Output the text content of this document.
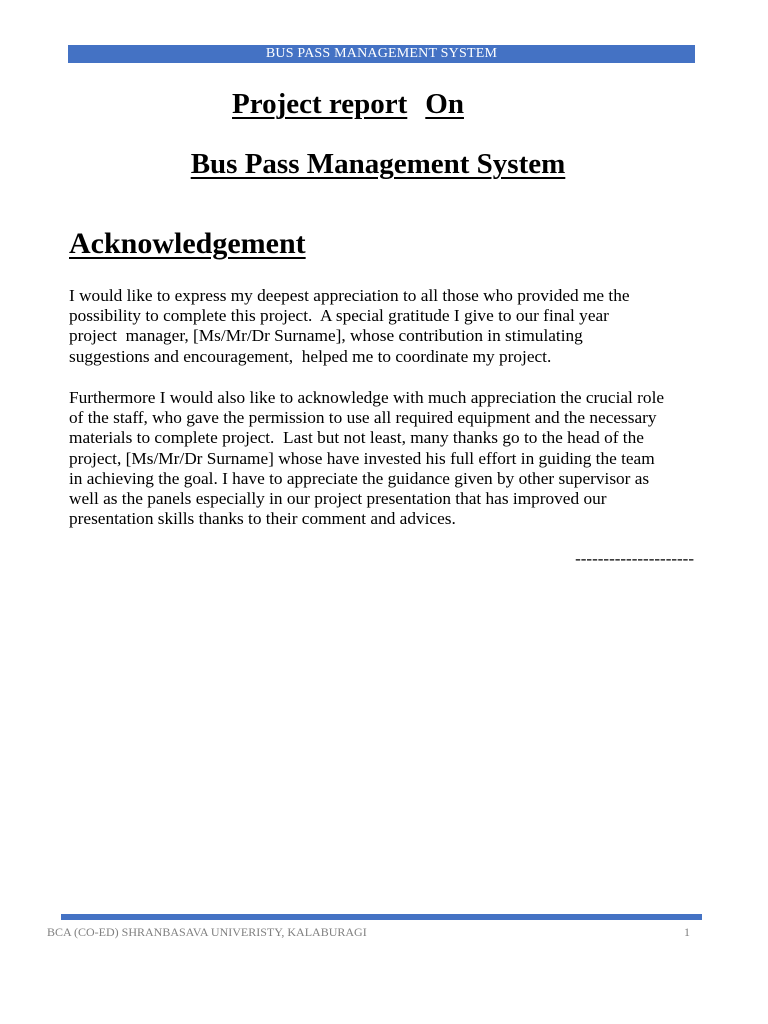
BUS PASS MANAGEMENT SYSTEM
Project report On
Bus Pass Management System
Acknowledgement

I would like to express my deepest appreciation to all those who provided me the
possibility to complete this project.  A special gratitude I give to our final year
project  manager, [Ms/Mr/Dr Surname], whose contribution in stimulating
suggestions and encouragement,  helped me to coordinate my project.

Furthermore I would also like to acknowledge with much appreciation the crucial role
of the staff, who gave the permission to use all required equipment and the necessary
materials to complete project.  Last but not least, many thanks go to the head of the
project, [Ms/Mr/Dr Surname] whose have invested his full effort in guiding the team
in achieving the goal. I have to appreciate the guidance given by other supervisor as
well as the panels especially in our project presentation that has improved our
presentation skills thanks to their comment and advices.

---------------------
BCA (CO-ED) SHRANBASAVA UNIVERISTY, KALABURAGI	1
